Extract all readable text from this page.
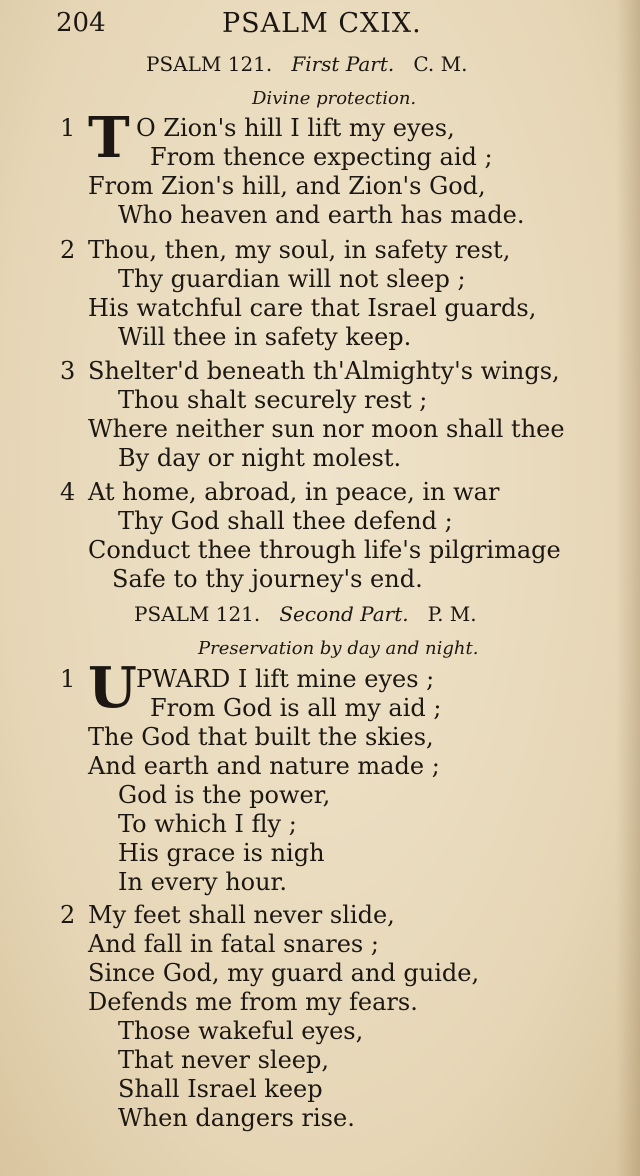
204	PSALM CXIX.
PSALM 121. First Part. C. M.
Divine protection.
1 T O Zion's hill I lift my eyes,
From thence expecting aid ;
From Zion's hill, and Zion's God,
Who heaven and earth has made.
2 Thou, then, my soul, in safety rest,
Thy guardian will not sleep ;
His watchful care that Israel guards,
Will thee in safety keep.
3 Shelter'd beneath th'Almighty's wings,
Thou shalt securely rest ;
Where neither sun nor moon shall thee
By day or night molest.
4 At home, abroad, in peace, in war
Thy God shall thee defend ;
Conduct thee through life's pilgrimage
Safe to thy journey's end.
PSALM 121. Second Part. P. M.
Preservation by day and night.
1 U PWARD I lift mine eyes ;
From God is all my aid ;
The God that built the skies,
And earth and nature made ;
God is the power,
To which I fly ;
His grace is nigh
In every hour.
2 My feet shall never slide,
And fall in fatal snares ;
Since God, my guard and guide,
Defends me from my fears.
Those wakeful eyes,
That never sleep,
Shall Israel keep
When dangers rise.
